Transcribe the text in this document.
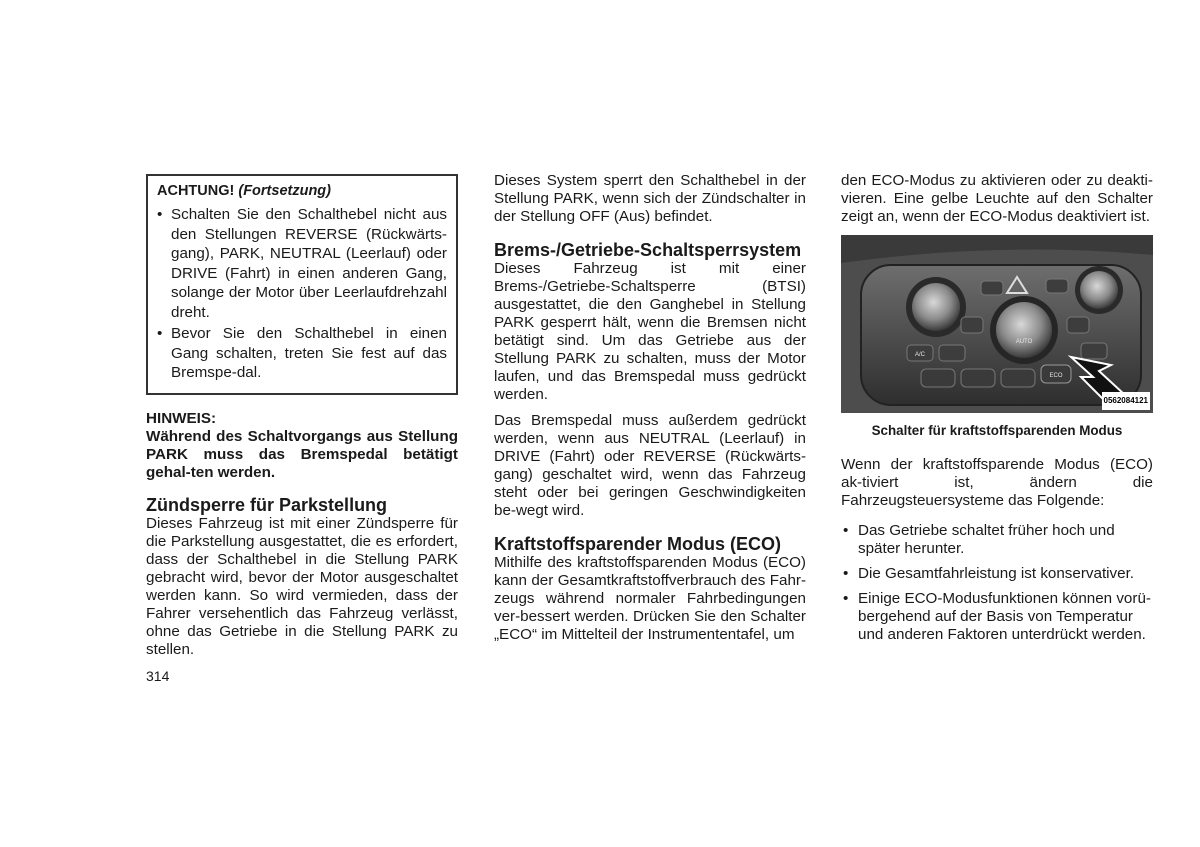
ACHTUNG! (Fortsetzung)
• Schalten Sie den Schalthebel nicht aus den Stellungen REVERSE (Rückwärts-gang), PARK, NEUTRAL (Leerlauf) oder DRIVE (Fahrt) in einen anderen Gang, solange der Motor über Leerlaufdrehzahl dreht.
• Bevor Sie den Schalthebel in einen Gang schalten, treten Sie fest auf das Bremspe-dal.
HINWEIS:

Während des Schaltvorgangs aus Stellung PARK muss das Bremspedal betätigt gehal-ten werden.

Zündsperre für Parkstellung

Dieses Fahrzeug ist mit einer Zündsperre für die Parkstellung ausgestattet, die es erfordert, dass der Schalthebel in die Stellung PARK gebracht wird, bevor der Motor ausgeschaltet werden kann. So wird vermieden, dass der Fahrer versehentlich das Fahrzeug verlässt, ohne das Getriebe in die Stellung PARK zu stellen.

314

Dieses System sperrt den Schalthebel in der Stellung PARK, wenn sich der Zündschalter in der Stellung OFF (Aus) befindet.

Brems-/Getriebe-Schaltsperrsystem

Dieses Fahrzeug ist mit einer Brems-/Getriebe-Schaltsperre (BTSI) ausgestattet, die den Ganghebel in Stellung PARK gesperrt hält, wenn die Bremsen nicht betätigt sind. Um das Getriebe aus der Stellung PARK zu schalten, muss der Motor laufen, und das Bremspedal muss gedrückt werden.

Das Bremspedal muss außerdem gedrückt werden, wenn aus NEUTRAL (Leerlauf) in DRIVE (Fahrt) oder REVERSE (Rückwärts-gang) geschaltet wird, wenn das Fahrzeug steht oder bei geringen Geschwindigkeiten be-wegt wird.

Kraftstoffsparender Modus (ECO)

Mithilfe des kraftstoffsparenden Modus (ECO) kann der Gesamtkraftstoffverbrauch des Fahr-zeugs während normaler Fahrbedingungen ver-bessert werden. Drücken Sie den Schalter „ECO“ im Mittelteil der Instrumententafel, um

den ECO-Modus zu aktivieren oder zu deakti-vieren. Eine gelbe Leuchte auf den Schalter zeigt an, wenn der ECO-Modus deaktiviert ist.

A/C
AUTO
ECO
0562084121
Schalter für kraftstoffsparenden Modus

Wenn der kraftstoffsparende Modus (ECO) ak-tiviert ist, ändern die Fahrzeugsteuersysteme das Folgende:

• Das Getriebe schaltet früher hoch und später herunter.
• Die Gesamtfahrleistung ist konservativer.
• Einige ECO-Modusfunktionen können vorü-bergehend auf der Basis von Temperatur und anderen Faktoren unterdrückt werden.
